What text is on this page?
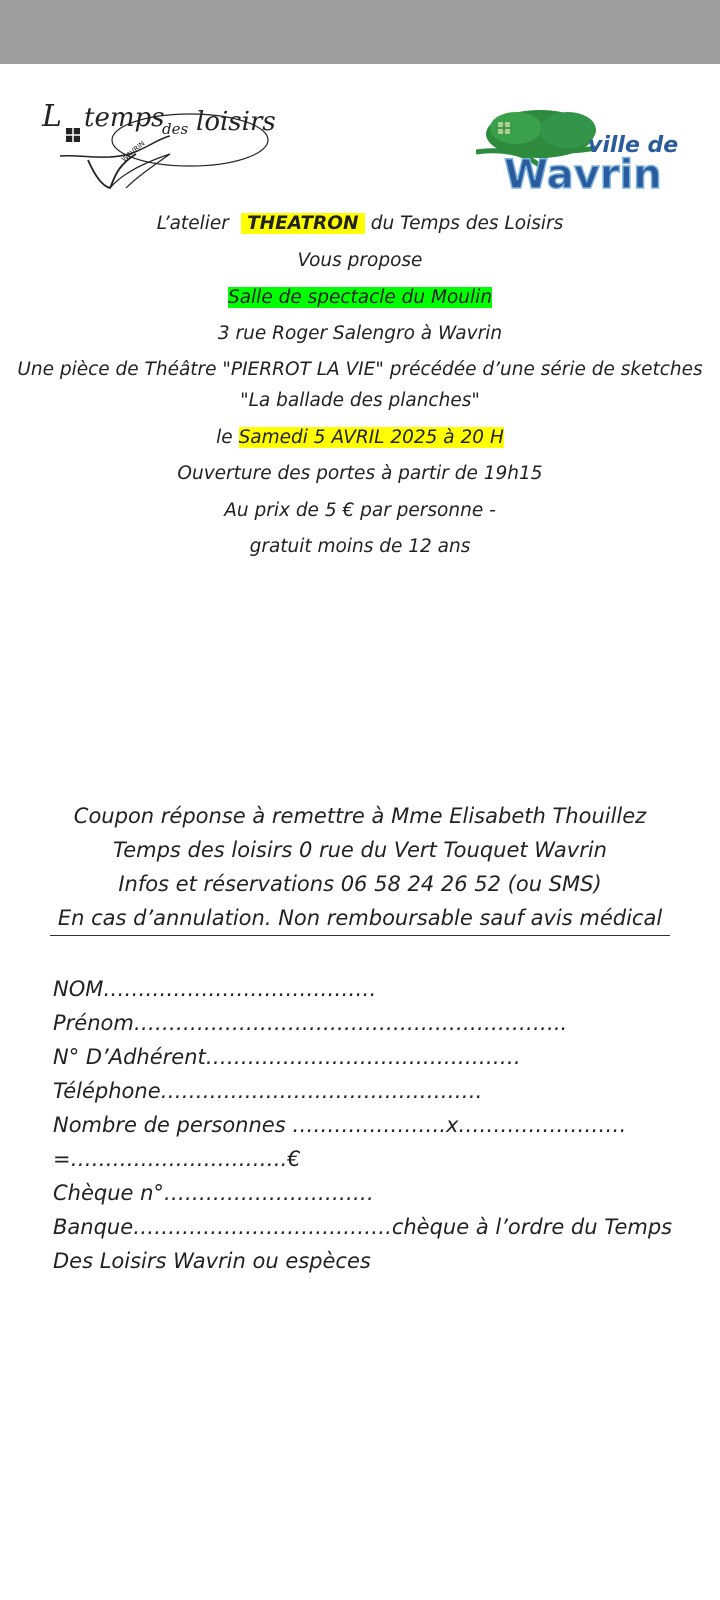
L temps
des loisirs
WAVRIN	ville de
Wavrin
L’atelier THEATRON du Temps des Loisirs
Vous propose
Salle de spectacle du Moulin
3 rue Roger Salengro à Wavrin
Une pièce de Théâtre "PIERROT LA VIE" précédée d’une série de sketches
"La ballade des planches"
le Samedi 5 AVRIL 2025 à 20 H
Ouverture des portes à partir de 19h15
Au prix de 5 € par personne -
gratuit moins de 12 ans
Coupon réponse à remettre à Mme Elisabeth Thouillez
Temps des loisirs 0 rue du Vert Touquet Wavrin
Infos et réservations 06 58 24 26 52 (ou SMS)
En cas d’annulation. Non remboursable sauf avis médical
NOM…………………………………
Prénom……………………………………………………..
N° D’Adhérent………………………………………
Téléphone……………………………………….
Nombre de personnes ………………….x……………………
=………………………….€
Chèque n°…………………………Banque……………………………….chèque à l’ordre du Temps Des Loisirs Wavrin ou espèces
